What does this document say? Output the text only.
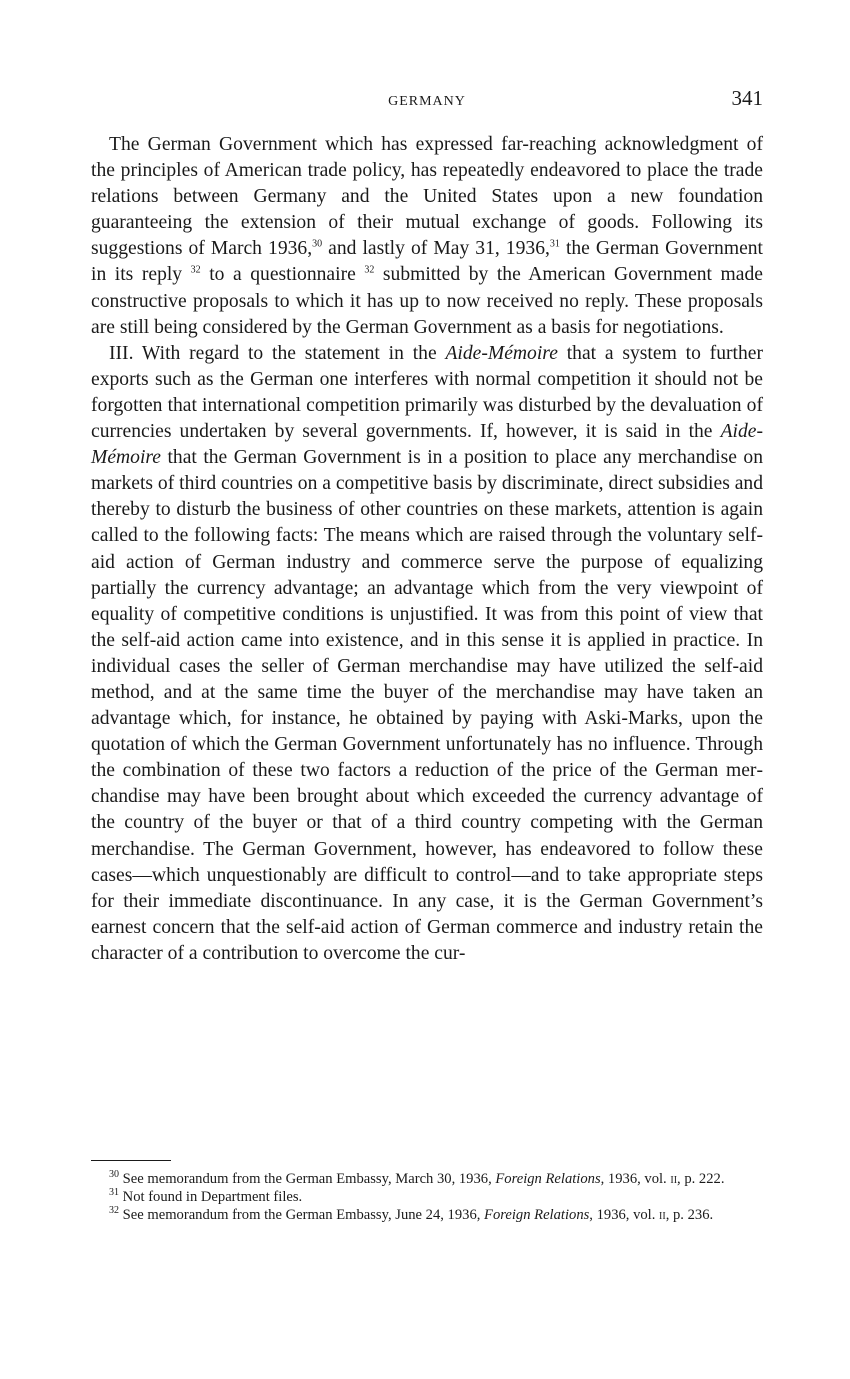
GERMANY	341

The German Government which has expressed far-reaching acknowledgment of the principles of American trade policy, has repeatedly endeavored to place the trade relations between Germany and the United States upon a new foundation guaranteeing the extension of their mutual exchange of goods. Following its suggestions of March 1936,30 and lastly of May 31, 1936,31 the German Government in its reply $^{32}$ to a questionnaire $^{32}$ submitted by the American Government made constructive proposals to which it has up to now received no reply. These proposals are still being considered by the German Government as a basis for negotiations.

III. With regard to the statement in the Aide-Mémoire that a system to further exports such as the German one interferes with normal competition it should not be forgotten that international competition primarily was disturbed by the devaluation of currencies undertaken by several governments. If, however, it is said in the Aide-Mémoire that the German Government is in a position to place any merchandise on markets of third countries on a competitive basis by discriminate, direct subsidies and thereby to disturb the business of other countries on these markets, attention is again called to the following facts: The means which are raised through the voluntary self-aid action of German industry and commerce serve the purpose of equalizing partially the currency advantage; an advantage which from the very viewpoint of equality of competitive conditions is unjustified. It was from this point of view that the self-aid action came into existence, and in this sense it is applied in practice. In individual cases the seller of German merchandise may have utilized the self-aid method, and at the same time the buyer of the merchandise may have taken an advantage which, for instance, he obtained by paying with Aski-Marks, upon the quotation of which the German Government unfortunately has no influence. Through the combination of these two factors a reduction of the price of the German merchandise may have been brought about which exceeded the currency advantage of the country of the buyer or that of a third country competing with the German merchandise. The German Government, however, has endeavored to follow these cases—which unquestionably are difficult to control—and to take appropriate steps for their immediate discontinuance. In any case, it is the German Government’s earnest concern that the self-aid action of German commerce and industry retain the character of a contribution to overcome the cur-

$^{30}$ See memorandum from the German Embassy, March 30, 1936, Foreign Relations, 1936, vol. ii, p. 222.

$^{31}$ Not found in Department files.

$^{32}$ See memorandum from the German Embassy, June 24, 1936, Foreign Relations, 1936, vol. ii, p. 236.
